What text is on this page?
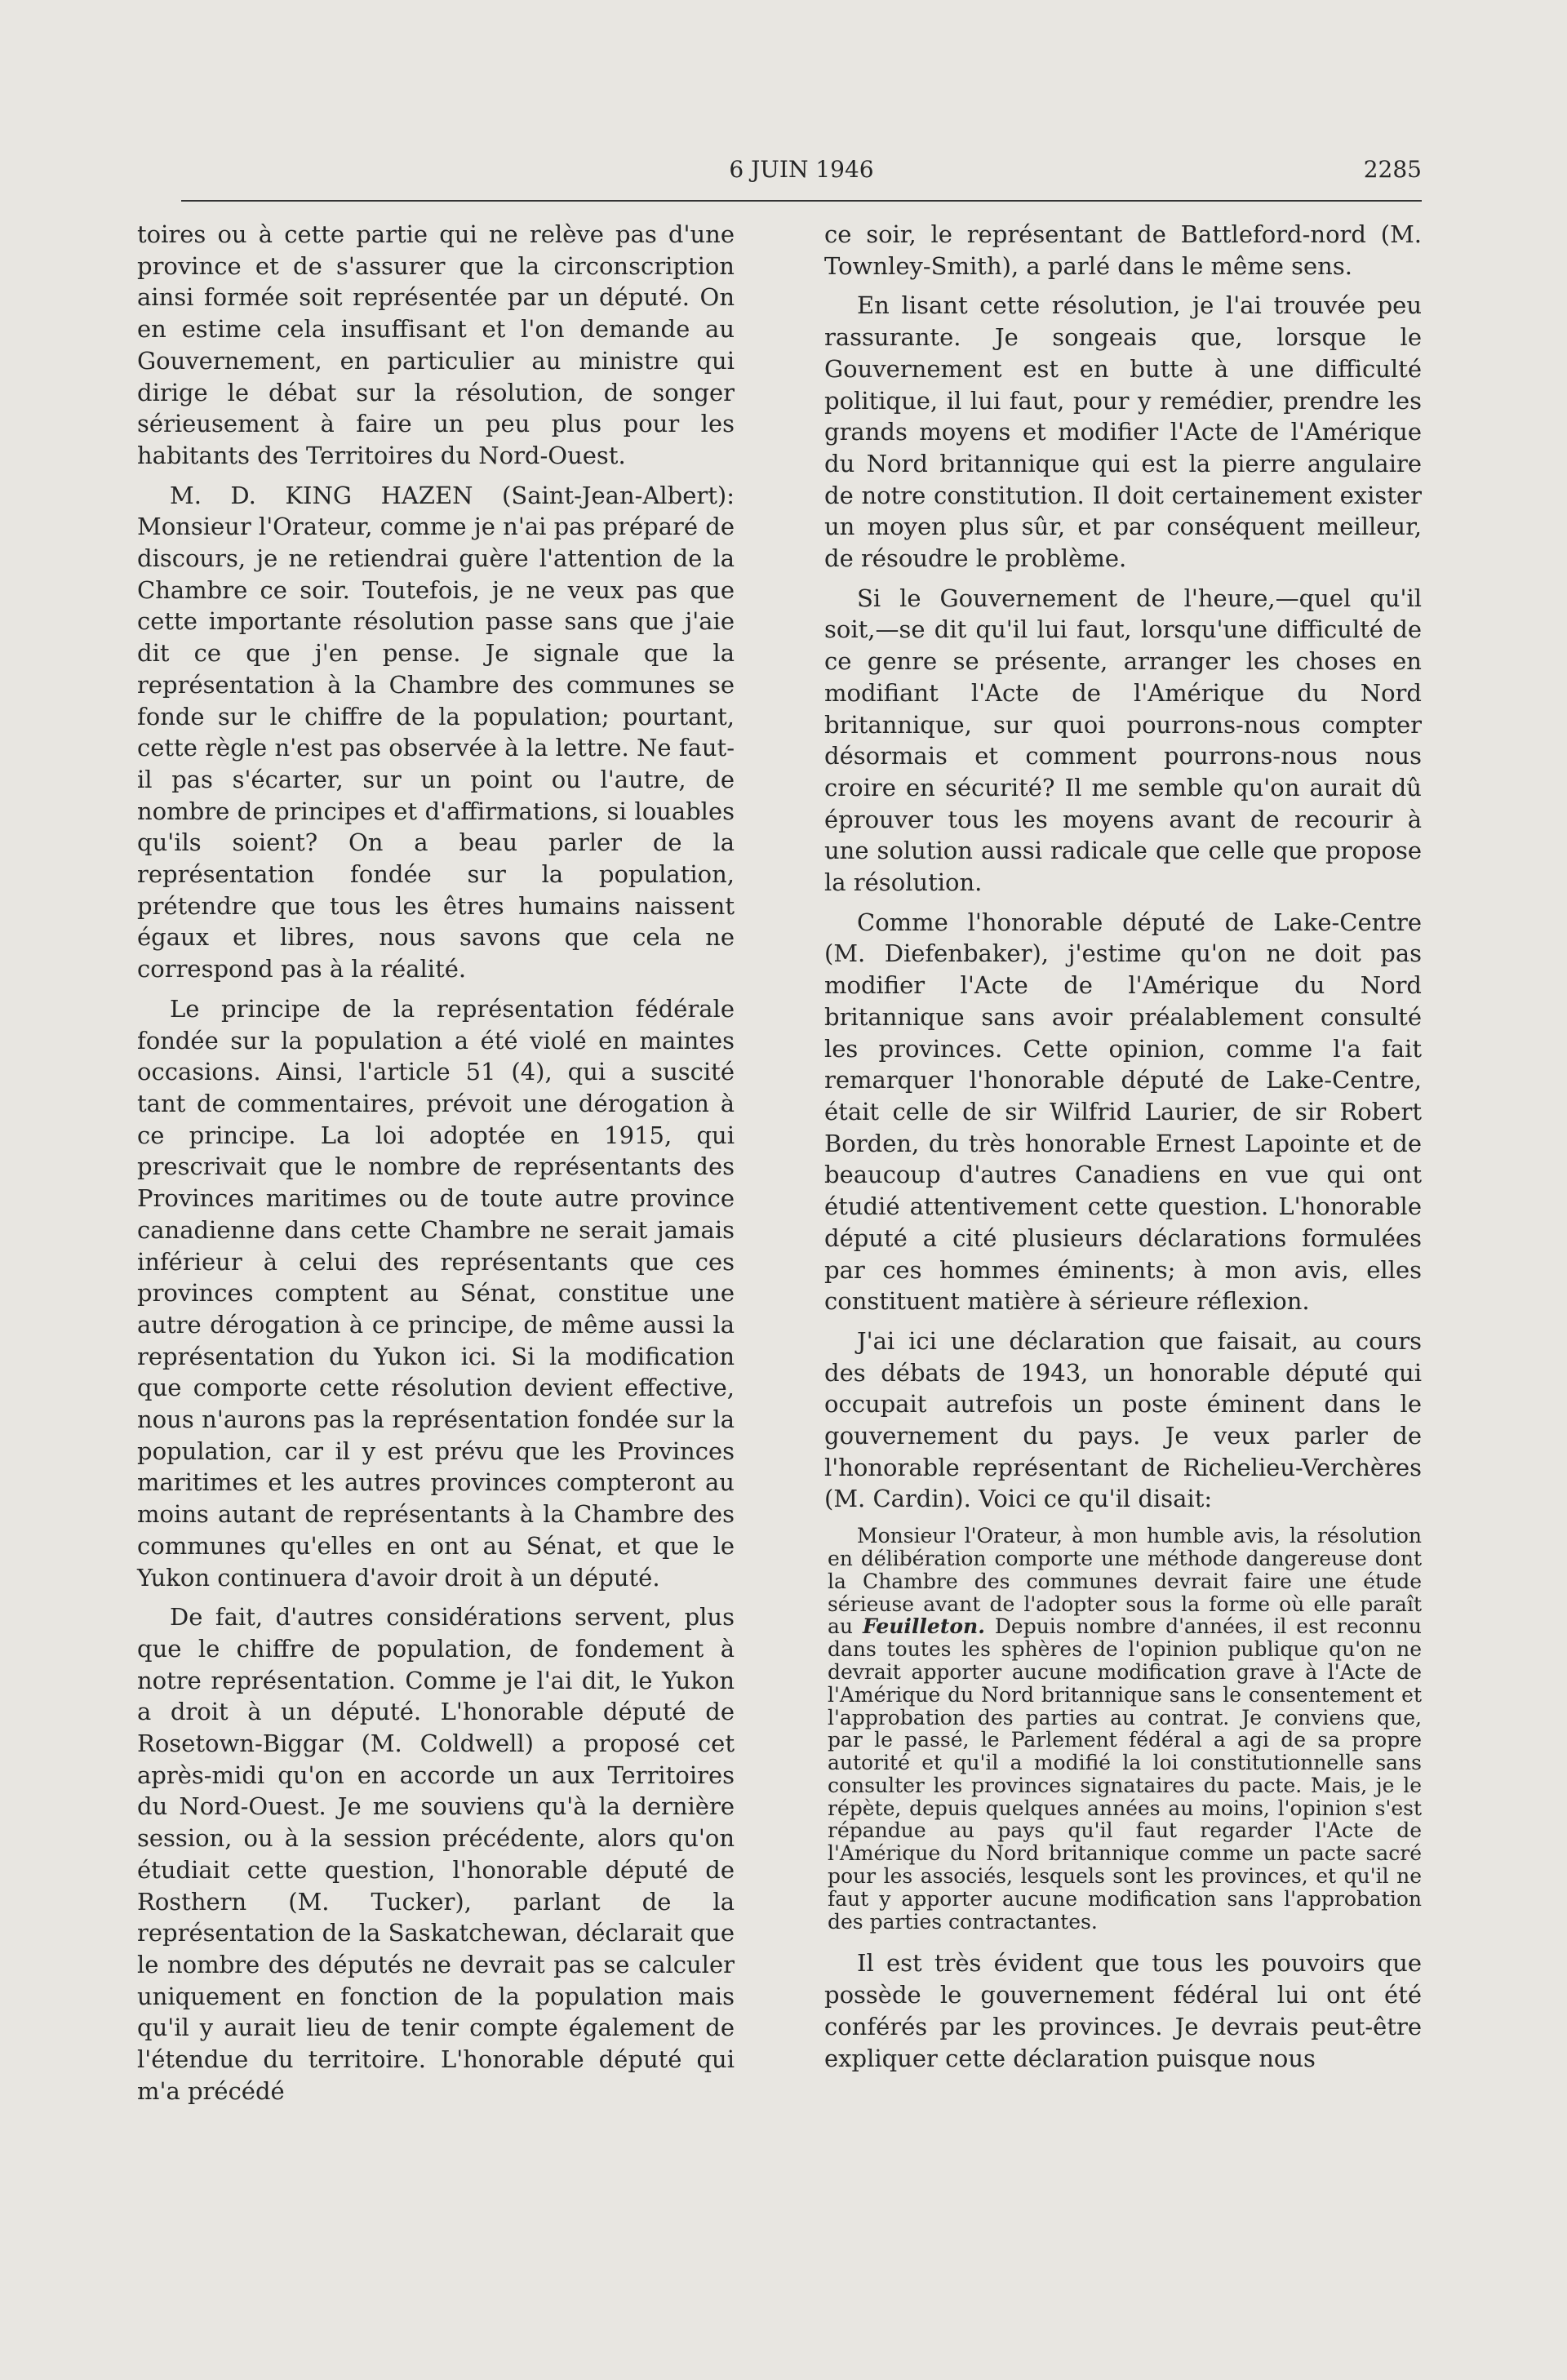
6 JUIN 1946	2285

toires ou à cette partie qui ne relève pas d'une province et de s'assurer que la circonscription ainsi formée soit représentée par un député. On en estime cela insuffisant et l'on demande au Gouvernement, en particulier au ministre qui dirige le débat sur la résolution, de songer sérieusement à faire un peu plus pour les habitants des Territoires du Nord-Ouest.

M. D. KING HAZEN (Saint-Jean-Albert): Monsieur l'Orateur, comme je n'ai pas préparé de discours, je ne retiendrai guère l'attention de la Chambre ce soir. Toutefois, je ne veux pas que cette importante résolution passe sans que j'aie dit ce que j'en pense. Je signale que la représentation à la Chambre des communes se fonde sur le chiffre de la population; pourtant, cette règle n'est pas observée à la lettre. Ne faut-il pas s'écarter, sur un point ou l'autre, de nombre de principes et d'affirmations, si louables qu'ils soient? On a beau parler de la représentation fondée sur la population, prétendre que tous les êtres humains naissent égaux et libres, nous savons que cela ne correspond pas à la réalité.

Le principe de la représentation fédérale fondée sur la population a été violé en maintes occasions. Ainsi, l'article 51 (4), qui a suscité tant de commentaires, prévoit une dérogation à ce principe. La loi adoptée en 1915, qui prescrivait que le nombre de représentants des Provinces maritimes ou de toute autre province canadienne dans cette Chambre ne serait jamais inférieur à celui des représentants que ces provinces comptent au Sénat, constitue une autre dérogation à ce principe, de même aussi la représentation du Yukon ici. Si la modification que comporte cette résolution devient effective, nous n'aurons pas la représentation fondée sur la population, car il y est prévu que les Provinces maritimes et les autres provinces compteront au moins autant de représentants à la Chambre des communes qu'elles en ont au Sénat, et que le Yukon continuera d'avoir droit à un député.

De fait, d'autres considérations servent, plus que le chiffre de population, de fondement à notre représentation. Comme je l'ai dit, le Yukon a droit à un député. L'honorable député de Rosetown-Biggar (M. Coldwell) a proposé cet après-midi qu'on en accorde un aux Territoires du Nord-Ouest. Je me souviens qu'à la dernière session, ou à la session précédente, alors qu'on étudiait cette question, l'honorable député de Rosthern (M. Tucker), parlant de la représentation de la Saskatchewan, déclarait que le nombre des députés ne devrait pas se calculer uniquement en fonction de la population mais qu'il y aurait lieu de tenir compte également de l'étendue du territoire. L'honorable député qui m'a précédé

ce soir, le représentant de Battleford-nord (M. Townley-Smith), a parlé dans le même sens.

En lisant cette résolution, je l'ai trouvée peu rassurante. Je songeais que, lorsque le Gouvernement est en butte à une difficulté politique, il lui faut, pour y remédier, prendre les grands moyens et modifier l'Acte de l'Amérique du Nord britannique qui est la pierre angulaire de notre constitution. Il doit certainement exister un moyen plus sûr, et par conséquent meilleur, de résoudre le problème.

Si le Gouvernement de l'heure,—quel qu'il soit,—se dit qu'il lui faut, lorsqu'une difficulté de ce genre se présente, arranger les choses en modifiant l'Acte de l'Amérique du Nord britannique, sur quoi pourrons-nous compter désormais et comment pourrons-nous nous croire en sécurité? Il me semble qu'on aurait dû éprouver tous les moyens avant de recourir à une solution aussi radicale que celle que propose la résolution.

Comme l'honorable député de Lake-Centre (M. Diefenbaker), j'estime qu'on ne doit pas modifier l'Acte de l'Amérique du Nord britannique sans avoir préalablement consulté les provinces. Cette opinion, comme l'a fait remarquer l'honorable député de Lake-Centre, était celle de sir Wilfrid Laurier, de sir Robert Borden, du très honorable Ernest Lapointe et de beaucoup d'autres Canadiens en vue qui ont étudié attentivement cette question. L'honorable député a cité plusieurs déclarations formulées par ces hommes éminents; à mon avis, elles constituent matière à sérieure réflexion.

J'ai ici une déclaration que faisait, au cours des débats de 1943, un honorable député qui occupait autrefois un poste éminent dans le gouvernement du pays. Je veux parler de l'honorable représentant de Richelieu-Verchères (M. Cardin). Voici ce qu'il disait:

Monsieur l'Orateur, à mon humble avis, la résolution en délibération comporte une méthode dangereuse dont la Chambre des communes devrait faire une étude sérieuse avant de l'adopter sous la forme où elle paraît au Feuilleton. Depuis nombre d'années, il est reconnu dans toutes les sphères de l'opinion publique qu'on ne devrait apporter aucune modification grave à l'Acte de l'Amérique du Nord britannique sans le consentement et l'approbation des parties au contrat. Je conviens que, par le passé, le Parlement fédéral a agi de sa propre autorité et qu'il a modifié la loi constitutionnelle sans consulter les provinces signataires du pacte. Mais, je le répète, depuis quelques années au moins, l'opinion s'est répandue au pays qu'il faut regarder l'Acte de l'Amérique du Nord britannique comme un pacte sacré pour les associés, lesquels sont les provinces, et qu'il ne faut y apporter aucune modification sans l'approbation des parties contractantes.

Il est très évident que tous les pouvoirs que possède le gouvernement fédéral lui ont été conférés par les provinces. Je devrais peut-être expliquer cette déclaration puisque nous
